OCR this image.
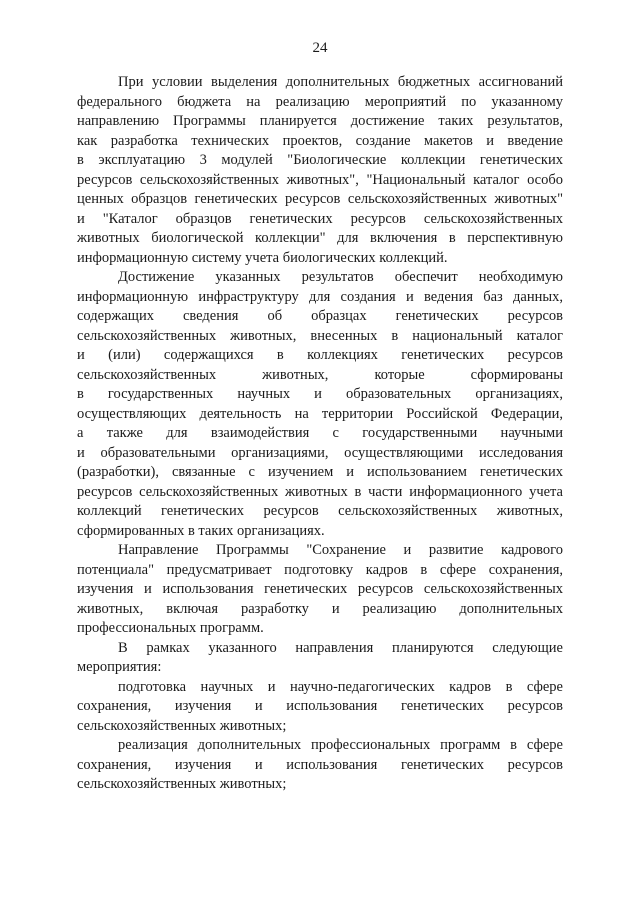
24

При условии выделения дополнительных бюджетных ассигнований
федерального бюджета на реализацию мероприятий по указанному
направлению Программы планируется достижение таких результатов,
как разработка технических проектов, создание макетов и введение
в эксплуатацию 3 модулей "Биологические коллекции генетических
ресурсов сельскохозяйственных животных", "Национальный каталог особо
ценных образцов генетических ресурсов сельскохозяйственных животных"
и "Каталог образцов генетических ресурсов сельскохозяйственных
животных биологической коллекции" для включения в перспективную
информационную систему учета биологических коллекций.

Достижение указанных результатов обеспечит необходимую
информационную инфраструктуру для создания и ведения баз данных,
содержащих сведения об образцах генетических ресурсов
сельскохозяйственных животных, внесенных в национальный каталог
и (или) содержащихся в коллекциях генетических ресурсов
сельскохозяйственных животных, которые сформированы
в государственных научных и образовательных организациях,
осуществляющих деятельность на территории Российской Федерации,
а также для взаимодействия с государственными научными
и образовательными организациями, осуществляющими исследования
(разработки), связанные с изучением и использованием генетических
ресурсов сельскохозяйственных животных в части информационного учета
коллекций генетических ресурсов сельскохозяйственных животных,
сформированных в таких организациях.

Направление Программы "Сохранение и развитие кадрового
потенциала" предусматривает подготовку кадров в сфере сохранения,
изучения и использования генетических ресурсов сельскохозяйственных
животных, включая разработку и реализацию дополнительных
профессиональных программ.

В рамках указанного направления планируются следующие
мероприятия:

подготовка научных и научно-педагогических кадров в сфере
сохранения, изучения и использования генетических ресурсов
сельскохозяйственных животных;

реализация дополнительных профессиональных программ в сфере
сохранения, изучения и использования генетических ресурсов
сельскохозяйственных животных;
